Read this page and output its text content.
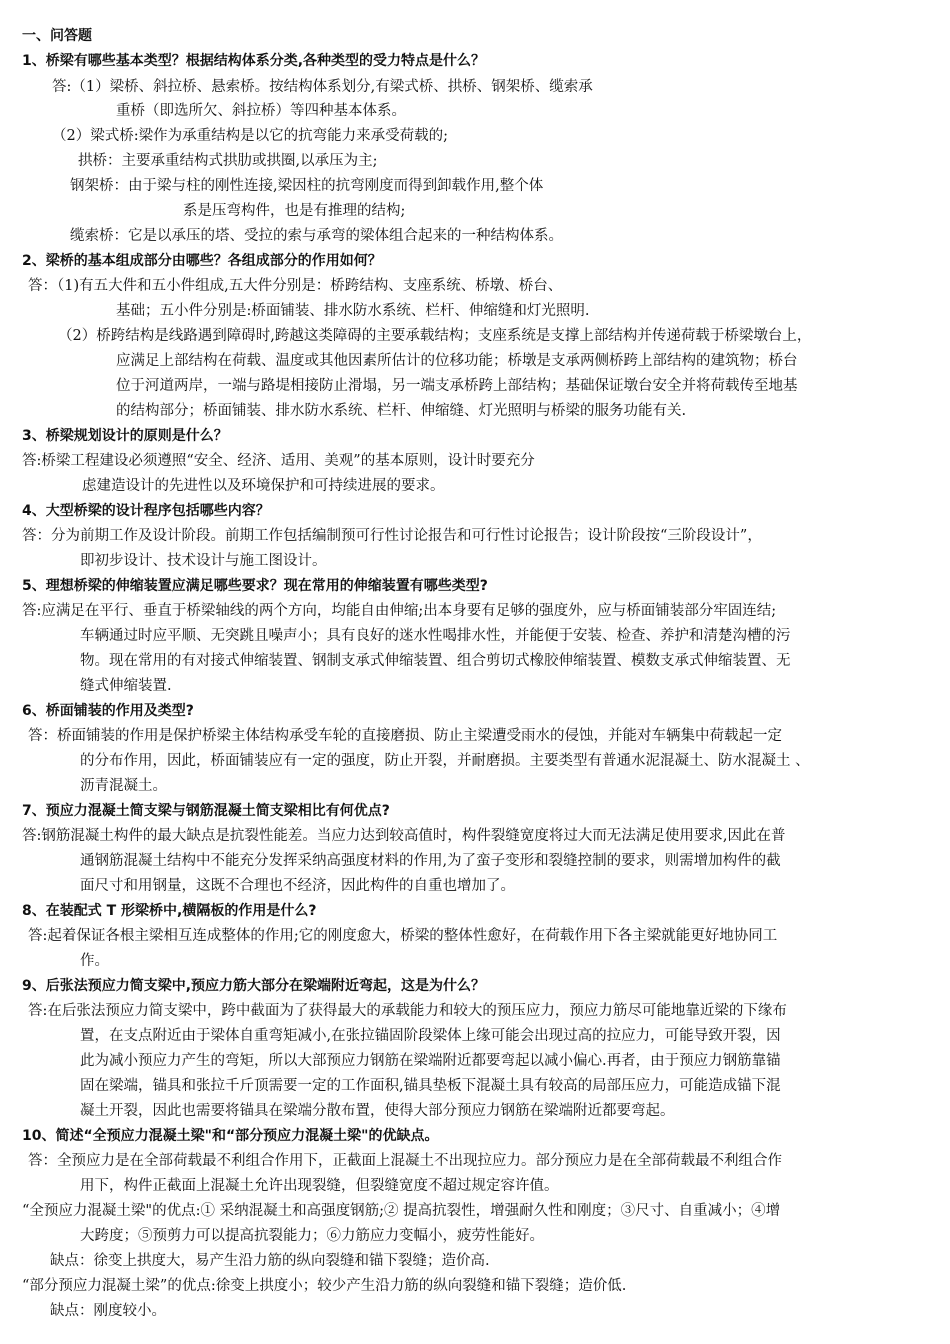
一、问答题
1、桥梁有哪些基本类型？根据结构体系分类,各种类型的受力特点是什么？
答:（1）梁桥、斜拉桥、悬索桥。按结构体系划分,有梁式桥、拱桥、钢架桥、缆索承
重桥（即选所欠、斜拉桥）等四种基本体系。
（2）梁式桥:梁作为承重结构是以它的抗弯能力来承受荷载的;
拱桥：主要承重结构式拱肋或拱圈,以承压为主;
钢架桥：由于梁与柱的刚性连接,梁因柱的抗弯刚度而得到卸载作用,整个体
系是压弯构件，也是有推理的结构;
缆索桥：它是以承压的塔、受拉的索与承弯的梁体组合起来的一种结构体系。
2、梁桥的基本组成部分由哪些？各组成部分的作用如何？
答：（1)有五大件和五小件组成,五大件分别是：桥跨结构、支座系统、桥墩、桥台、
基础；五小件分别是:桥面铺装、排水防水系统、栏杆、伸缩缝和灯光照明.
（2）桥跨结构是线路遇到障碍时,跨越这类障碍的主要承载结构；支座系统是支撑上部结构并传递荷载于桥梁墩台上，
应满足上部结构在荷载、温度或其他因素所估计的位移功能；桥墩是支承两侧桥跨上部结构的建筑物；桥台
位于河道两岸，一端与路堤相接防止滑塌，另一端支承桥跨上部结构；基础保证墩台安全并将荷载传至地基
的结构部分；桥面铺装、排水防水系统、栏杆、伸缩缝、灯光照明与桥梁的服务功能有关.
3、桥梁规划设计的原则是什么？
答:桥梁工程建设必须遵照“安全、经济、适用、美观”的基本原则，设计时要充分
虑建造设计的先进性以及环境保护和可持续进展的要求。
4、大型桥梁的设计程序包括哪些内容？
答：分为前期工作及设计阶段。前期工作包括编制预可行性讨论报告和可行性讨论报告；设计阶段按“三阶段设计”，
即初步设计、技术设计与施工图设计。
5、理想桥梁的伸缩装置应满足哪些要求？现在常用的伸缩装置有哪些类型?
答:应满足在平行、垂直于桥梁轴线的两个方向，均能自由伸缩;出本身要有足够的强度外，应与桥面铺装部分牢固连结;
车辆通过时应平顺、无突跳且噪声小；具有良好的迷水性喝排水性，并能便于安装、检查、养护和清楚沟槽的污
物。现在常用的有对接式伸缩装置、钢制支承式伸缩装置、组合剪切式橡胶伸缩装置、模数支承式伸缩装置、无
缝式伸缩装置.
6、桥面铺装的作用及类型?
答：桥面铺装的作用是保护桥梁主体结构承受车轮的直接磨损、防止主梁遭受雨水的侵蚀，并能对车辆集中荷载起一定
的分布作用，因此，桥面铺装应有一定的强度，防止开裂，并耐磨损。主要类型有普通水泥混凝土、防水混凝土 、
沥青混凝土。
7、预应力混凝土简支梁与钢筋混凝土简支梁相比有何优点?
答:钢筋混凝土构件的最大缺点是抗裂性能差。当应力达到较高值时，构件裂缝宽度将过大而无法满足使用要求,因此在普
通钢筋混凝土结构中不能充分发挥采纳高强度材料的作用,为了蛮子变形和裂缝控制的要求，则需增加构件的截
面尺寸和用钢量，这既不合理也不经济，因此构件的自重也增加了。
8、在装配式 T 形梁桥中,横隔板的作用是什么?
答:起着保证各根主梁相互连成整体的作用;它的刚度愈大，桥梁的整体性愈好，在荷载作用下各主梁就能更好地协同工
作。
9、后张法预应力简支梁中,预应力筋大部分在梁端附近弯起，这是为什么？
答:在后张法预应力简支梁中，跨中截面为了获得最大的承载能力和较大的预压应力，预应力筋尽可能地靠近梁的下缘布
置，在支点附近由于梁体自重弯矩减小,在张拉锚固阶段梁体上缘可能会出现过高的拉应力，可能导致开裂，因
此为减小预应力产生的弯矩，所以大部预应力钢筋在梁端附近都要弯起以减小偏心.再者，由于预应力钢筋靠锚
固在梁端，锚具和张拉千斤顶需要一定的工作面积,锚具垫板下混凝土具有较高的局部压应力，可能造成锚下混
凝土开裂，因此也需要将锚具在梁端分散布置，使得大部分预应力钢筋在梁端附近都要弯起。
10、简述“全预应力混凝土梁"和“部分预应力混凝土梁"的优缺点。
答：全预应力是在全部荷载最不利组合作用下，正截面上混凝土不出现拉应力。部分预应力是在全部荷载最不利组合作
用下，构件正截面上混凝土允许出现裂缝，但裂缝宽度不超过规定容许值。
“全预应力混凝土梁"的优点:① 采纳混凝土和高强度钢筋;② 提高抗裂性，增强耐久性和刚度；③尺寸、自重减小；④增
大跨度；⑤预剪力可以提高抗裂能力；⑥力筋应力变幅小，疲劳性能好。
缺点：徐变上拱度大，易产生沿力筋的纵向裂缝和锚下裂缝；造价高.
“部分预应力混凝土梁”的优点:徐变上拱度小；较少产生沿力筋的纵向裂缝和锚下裂缝；造价低.
缺点：刚度较小。
